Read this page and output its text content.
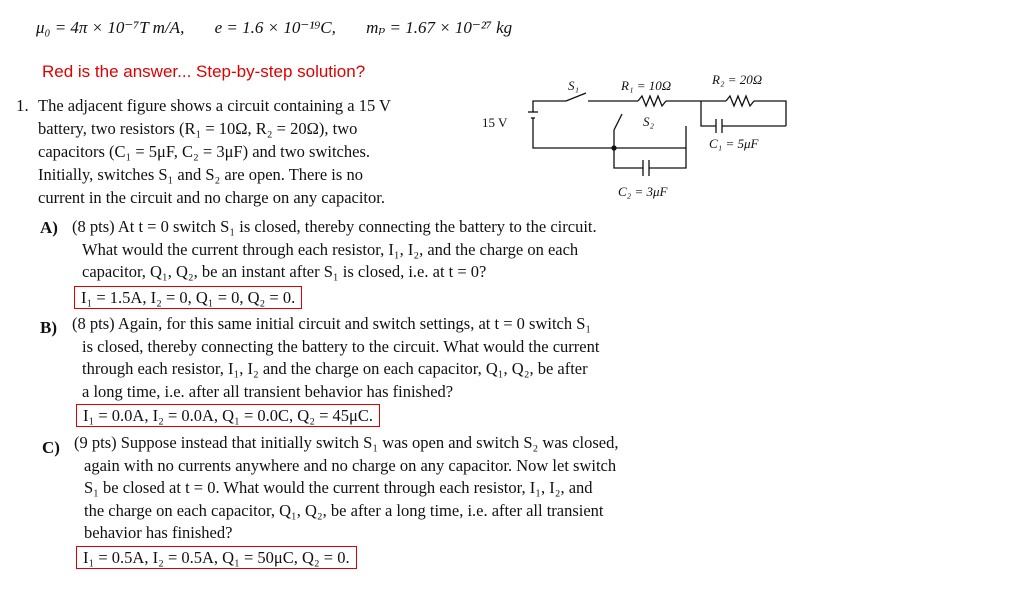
μ₀ = 4π × 10⁻⁷T m/A, e = 1.6 × 10⁻¹⁹C, mₚ = 1.67 × 10⁻²⁷ kg
Red is the answer... Step-by-step solution?
1. The adjacent figure shows a circuit containing a 15 V
battery, two resistors (R₁ = 10Ω, R₂ = 20Ω), two
capacitors (C₁ = 5μF, C₂ = 3μF) and two switches.
Initially, switches S₁ and S₂ are open. There is no
current in the circuit and no charge on any capacitor.
15 V
S₁	R₁ = 10Ω	R₂ = 20Ω
S₂
C₁ = 5μF
C₂ = 3μF
A) (8 pts) At t = 0 switch S₁ is closed, thereby connecting the battery to the circuit.
What would the current through each resistor, I₁, I₂, and the charge on each
capacitor, Q₁, Q₂, be an instant after S₁ is closed, i.e. at t = 0?
I₁ = 1.5A, I₂ = 0, Q₁ = 0, Q₂ = 0.
B) (8 pts) Again, for this same initial circuit and switch settings, at t = 0 switch S₁
is closed, thereby connecting the battery to the circuit. What would the current
through each resistor, I₁, I₂ and the charge on each capacitor, Q₁, Q₂, be after
a long time, i.e. after all transient behavior has finished?
I₁ = 0.0A, I₂ = 0.0A, Q₁ = 0.0C, Q₂ = 45μC.
C) (9 pts) Suppose instead that initially switch S₁ was open and switch S₂ was closed,
again with no currents anywhere and no charge on any capacitor. Now let switch
S₁ be closed at t = 0. What would the current through each resistor, I₁, I₂, and
the charge on each capacitor, Q₁, Q₂, be after a long time, i.e. after all transient
behavior has finished?
I₁ = 0.5A, I₂ = 0.5A, Q₁ = 50μC, Q₂ = 0.
